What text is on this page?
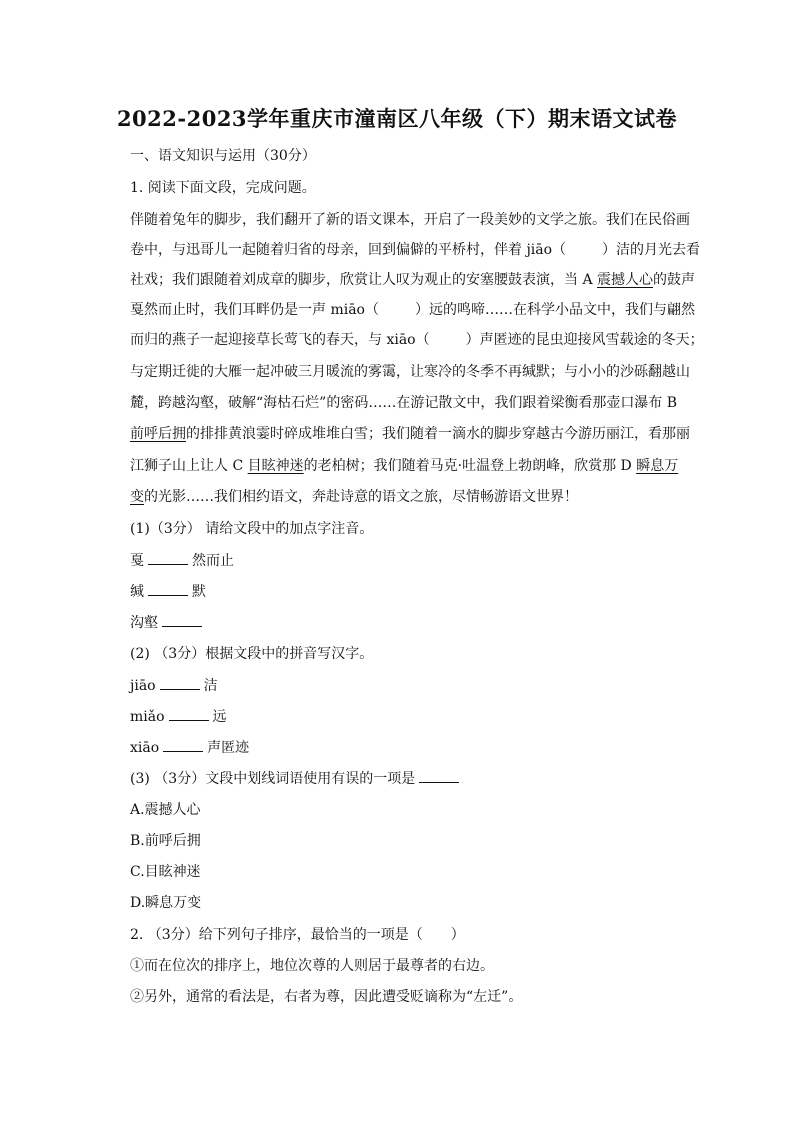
2022-2023学年重庆市潼南区八年级（下）期末语文试卷
一、语文知识与运用（30分）
1. 阅读下面文段，完成问题。
伴随着兔年的脚步，我们翻开了新的语文课本，开启了一段美妙的文学之旅。我们在民俗画
卷中，与迅哥儿一起随着归省的母亲，回到偏僻的平桥村，伴着 jiāo（	）洁的月光去看
社戏；我们跟随着刘成章的脚步，欣赏让人叹为观止的安塞腰鼓表演，当 A 震撼人心的鼓声
戛然而止时，我们耳畔仍是一声 miāo（	）远的鸣啼……在科学小品文中，我们与翩然
而归的燕子一起迎接草长莺飞的春天，与 xiāo（	）声匿迹的昆虫迎接风雪载途的冬天；
与定期迁徙的大雁一起冲破三月暖流的雾霭，让寒冷的冬季不再缄默；与小小的沙砾翻越山
麓，跨越沟壑，破解“海枯石烂”的密码……在游记散文中，我们跟着梁衡看那壶口瀑布 B
前呼后拥的排排黄浪霎时碎成堆堆白雪；我们随着一滴水的脚步穿越古今游历丽江，看那丽
江狮子山上让人 C 目眩神迷的老柏树；我们随着马克·吐温登上勃朗峰，欣赏那 D 瞬息万
变的光影……我们相约语文，奔赴诗意的语文之旅，尽情畅游语文世界！
(1)（3分） 请给文段中的加点字注音。
戛	然而止
缄	默
沟壑
(2) （3分）根据文段中的拼音写汉字。
jiāo	洁
miǎo	远
xiāo	声匿迹
(3) （3分）文段中划线词语使用有误的一项是
A.震撼人心
B.前呼后拥
C.目眩神迷
D.瞬息万变
2. （3分）给下列句子排序，最恰当的一项是（　　）
①而在位次的排序上，地位次尊的人则居于最尊者的右边。
②另外，通常的看法是，右者为尊，因此遭受贬谪称为“左迁”。
